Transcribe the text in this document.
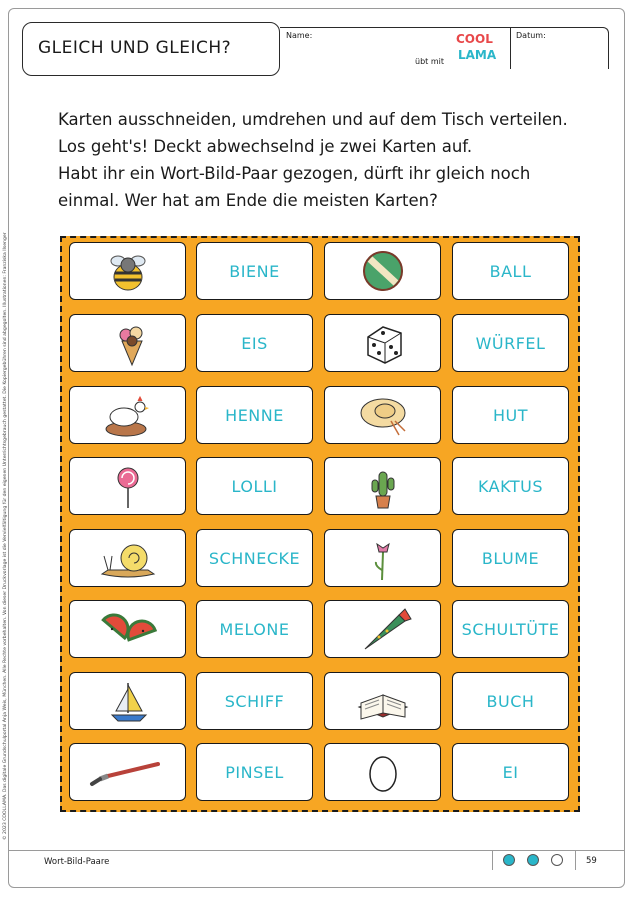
GLEICH UND GLEICH?
Name:
übt mit
COOL
LAMA
Datum:
© 2023 COOLLAMA. Das digitale Grundschulportal Anja Weis, München. Alle Rechte vorbehalten. Von dieser Druckvorlage ist die Vervielfältigung für den eigenen Unterrichtsgebrauch gestattet. Die Kopiergebühren sind abgegolten. Illustrationen: Franziska Ilsenger
Karten ausschneiden, umdrehen und auf dem Tisch verteilen.
Los geht's! Deckt abwechselnd je zwei Karten auf.
Habt ihr ein Wort-Bild-Paar gezogen, dürft ihr gleich noch
einmal. Wer hat am Ende die meisten Karten?
BIENE	BALL
EIS	WÜRFEL
HENNE	HUT
LOLLI	KAKTUS
SCHNECKE	BLUME
MELONE	SCHULTÜTE
SCHIFF	BUCH
PINSEL	EI
Wort-Bild-Paare	59
